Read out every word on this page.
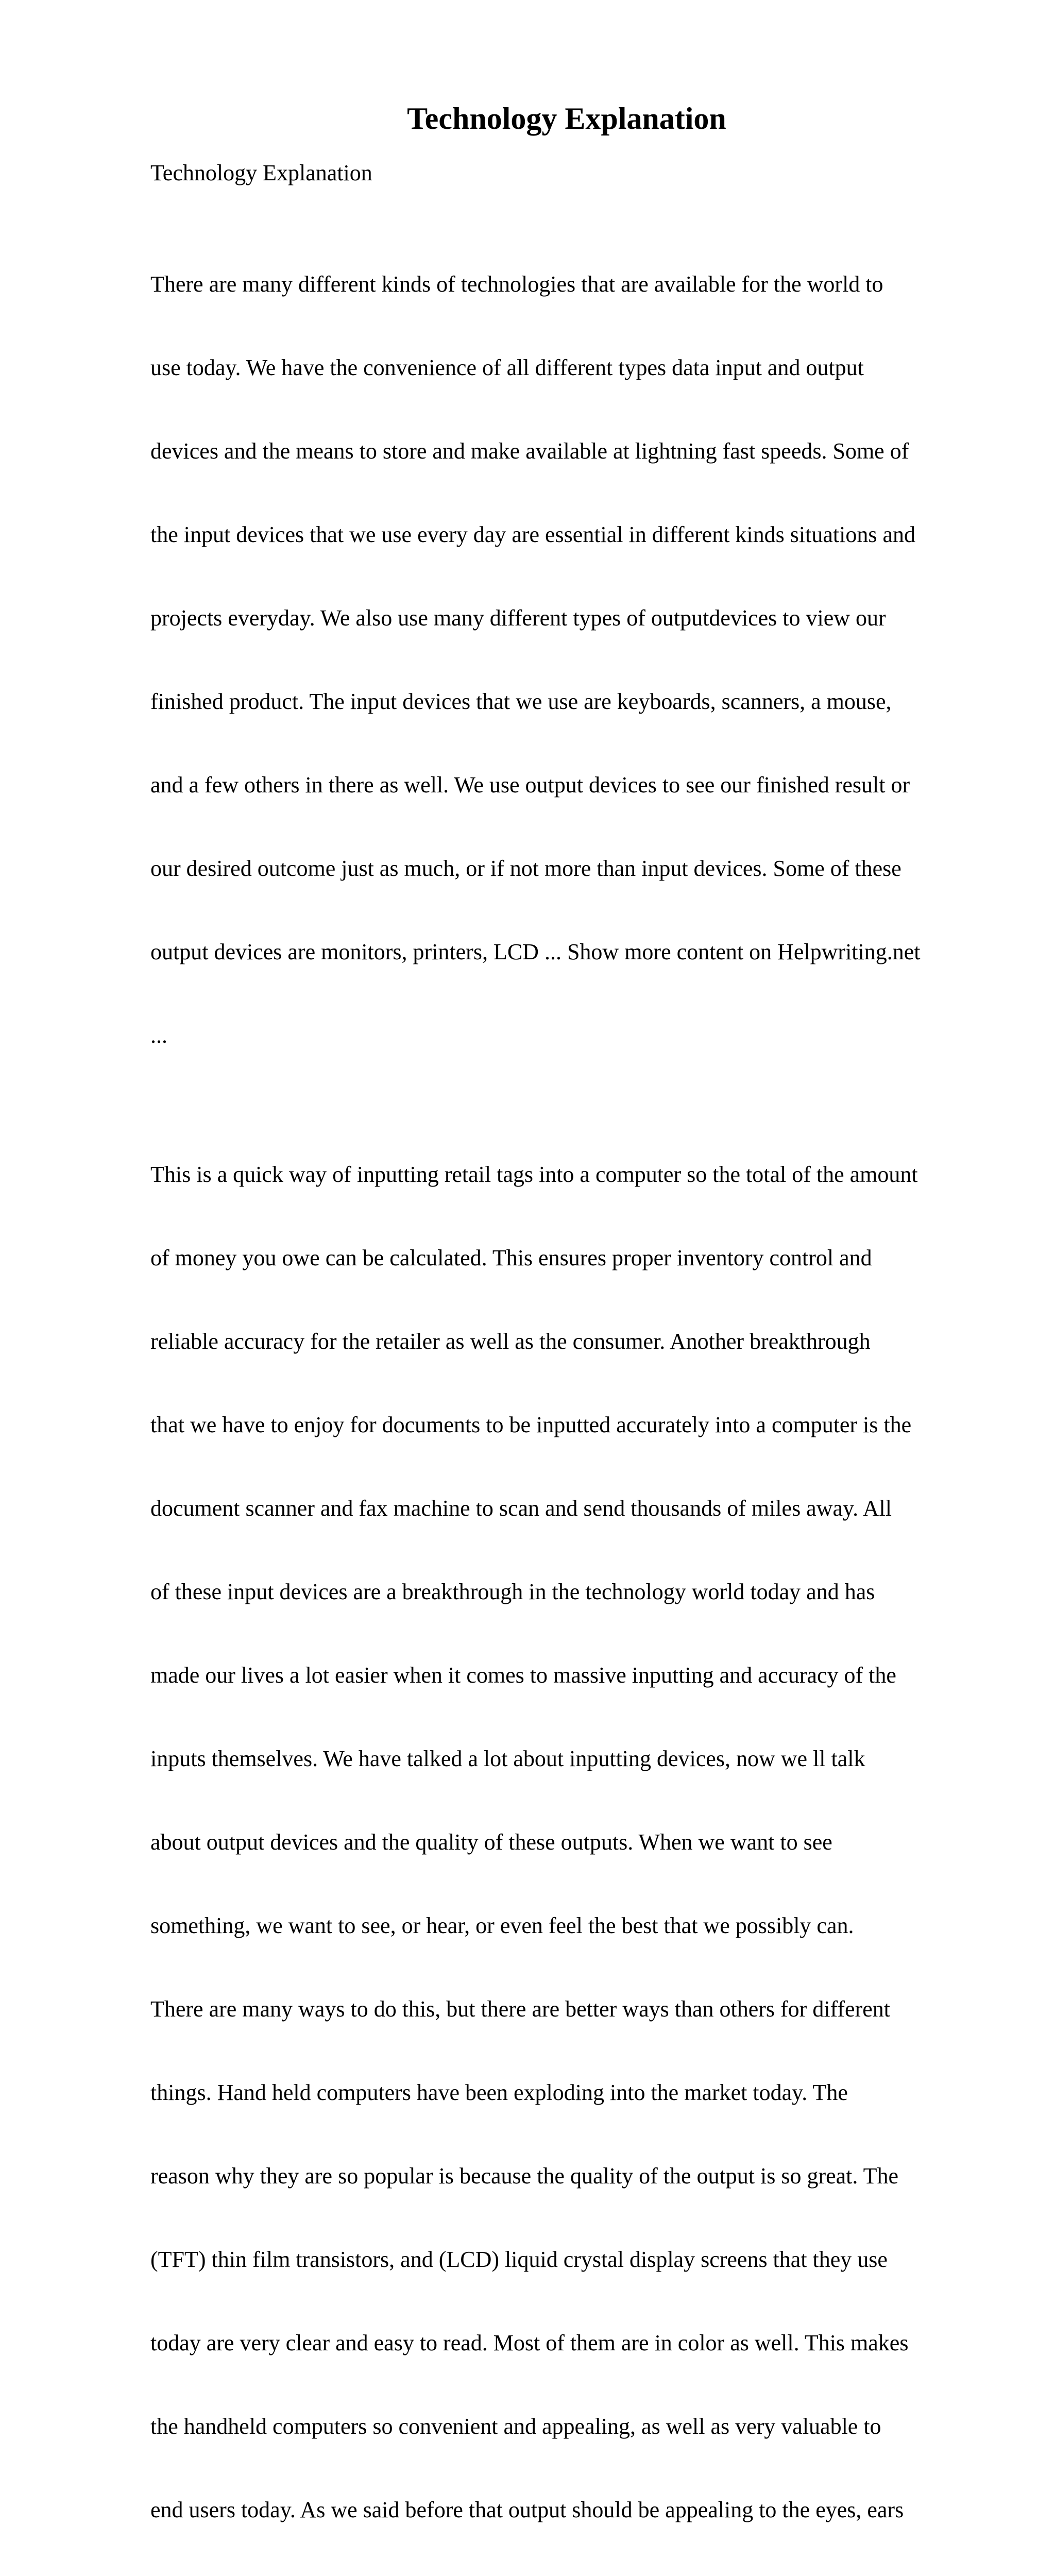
Technology Explanation

Technology Explanation

There are many different kinds of technologies that are available for the world to

use today. We have the convenience of all different types data input and output

devices and the means to store and make available at lightning fast speeds. Some of

the input devices that we use every day are essential in different kinds situations and

projects everyday. We also use many different types of outputdevices to view our

finished product. The input devices that we use are keyboards, scanners, a mouse,

and a few others in there as well. We use output devices to see our finished result or

our desired outcome just as much, or if not more than input devices. Some of these

output devices are monitors, printers, LCD ... Show more content on Helpwriting.net

...

This is a quick way of inputting retail tags into a computer so the total of the amount

of money you owe can be calculated. This ensures proper inventory control and

reliable accuracy for the retailer as well as the consumer. Another breakthrough

that we have to enjoy for documents to be inputted accurately into a computer is the

document scanner and fax machine to scan and send thousands of miles away. All

of these input devices are a breakthrough in the technology world today and has

made our lives a lot easier when it comes to massive inputting and accuracy of the

inputs themselves. We have talked a lot about inputting devices, now we ll talk

about output devices and the quality of these outputs. When we want to see

something, we want to see, or hear, or even feel the best that we possibly can.

There are many ways to do this, but there are better ways than others for different

things. Hand held computers have been exploding into the market today. The

reason why they are so popular is because the quality of the output is so great. The

(TFT) thin film transistors, and (LCD) liquid crystal display screens that they use

today are very clear and easy to read. Most of them are in color as well. This makes

the handheld computers so convenient and appealing, as well as very valuable to

end users today. As we said before that output should be appealing to the eyes, ears
